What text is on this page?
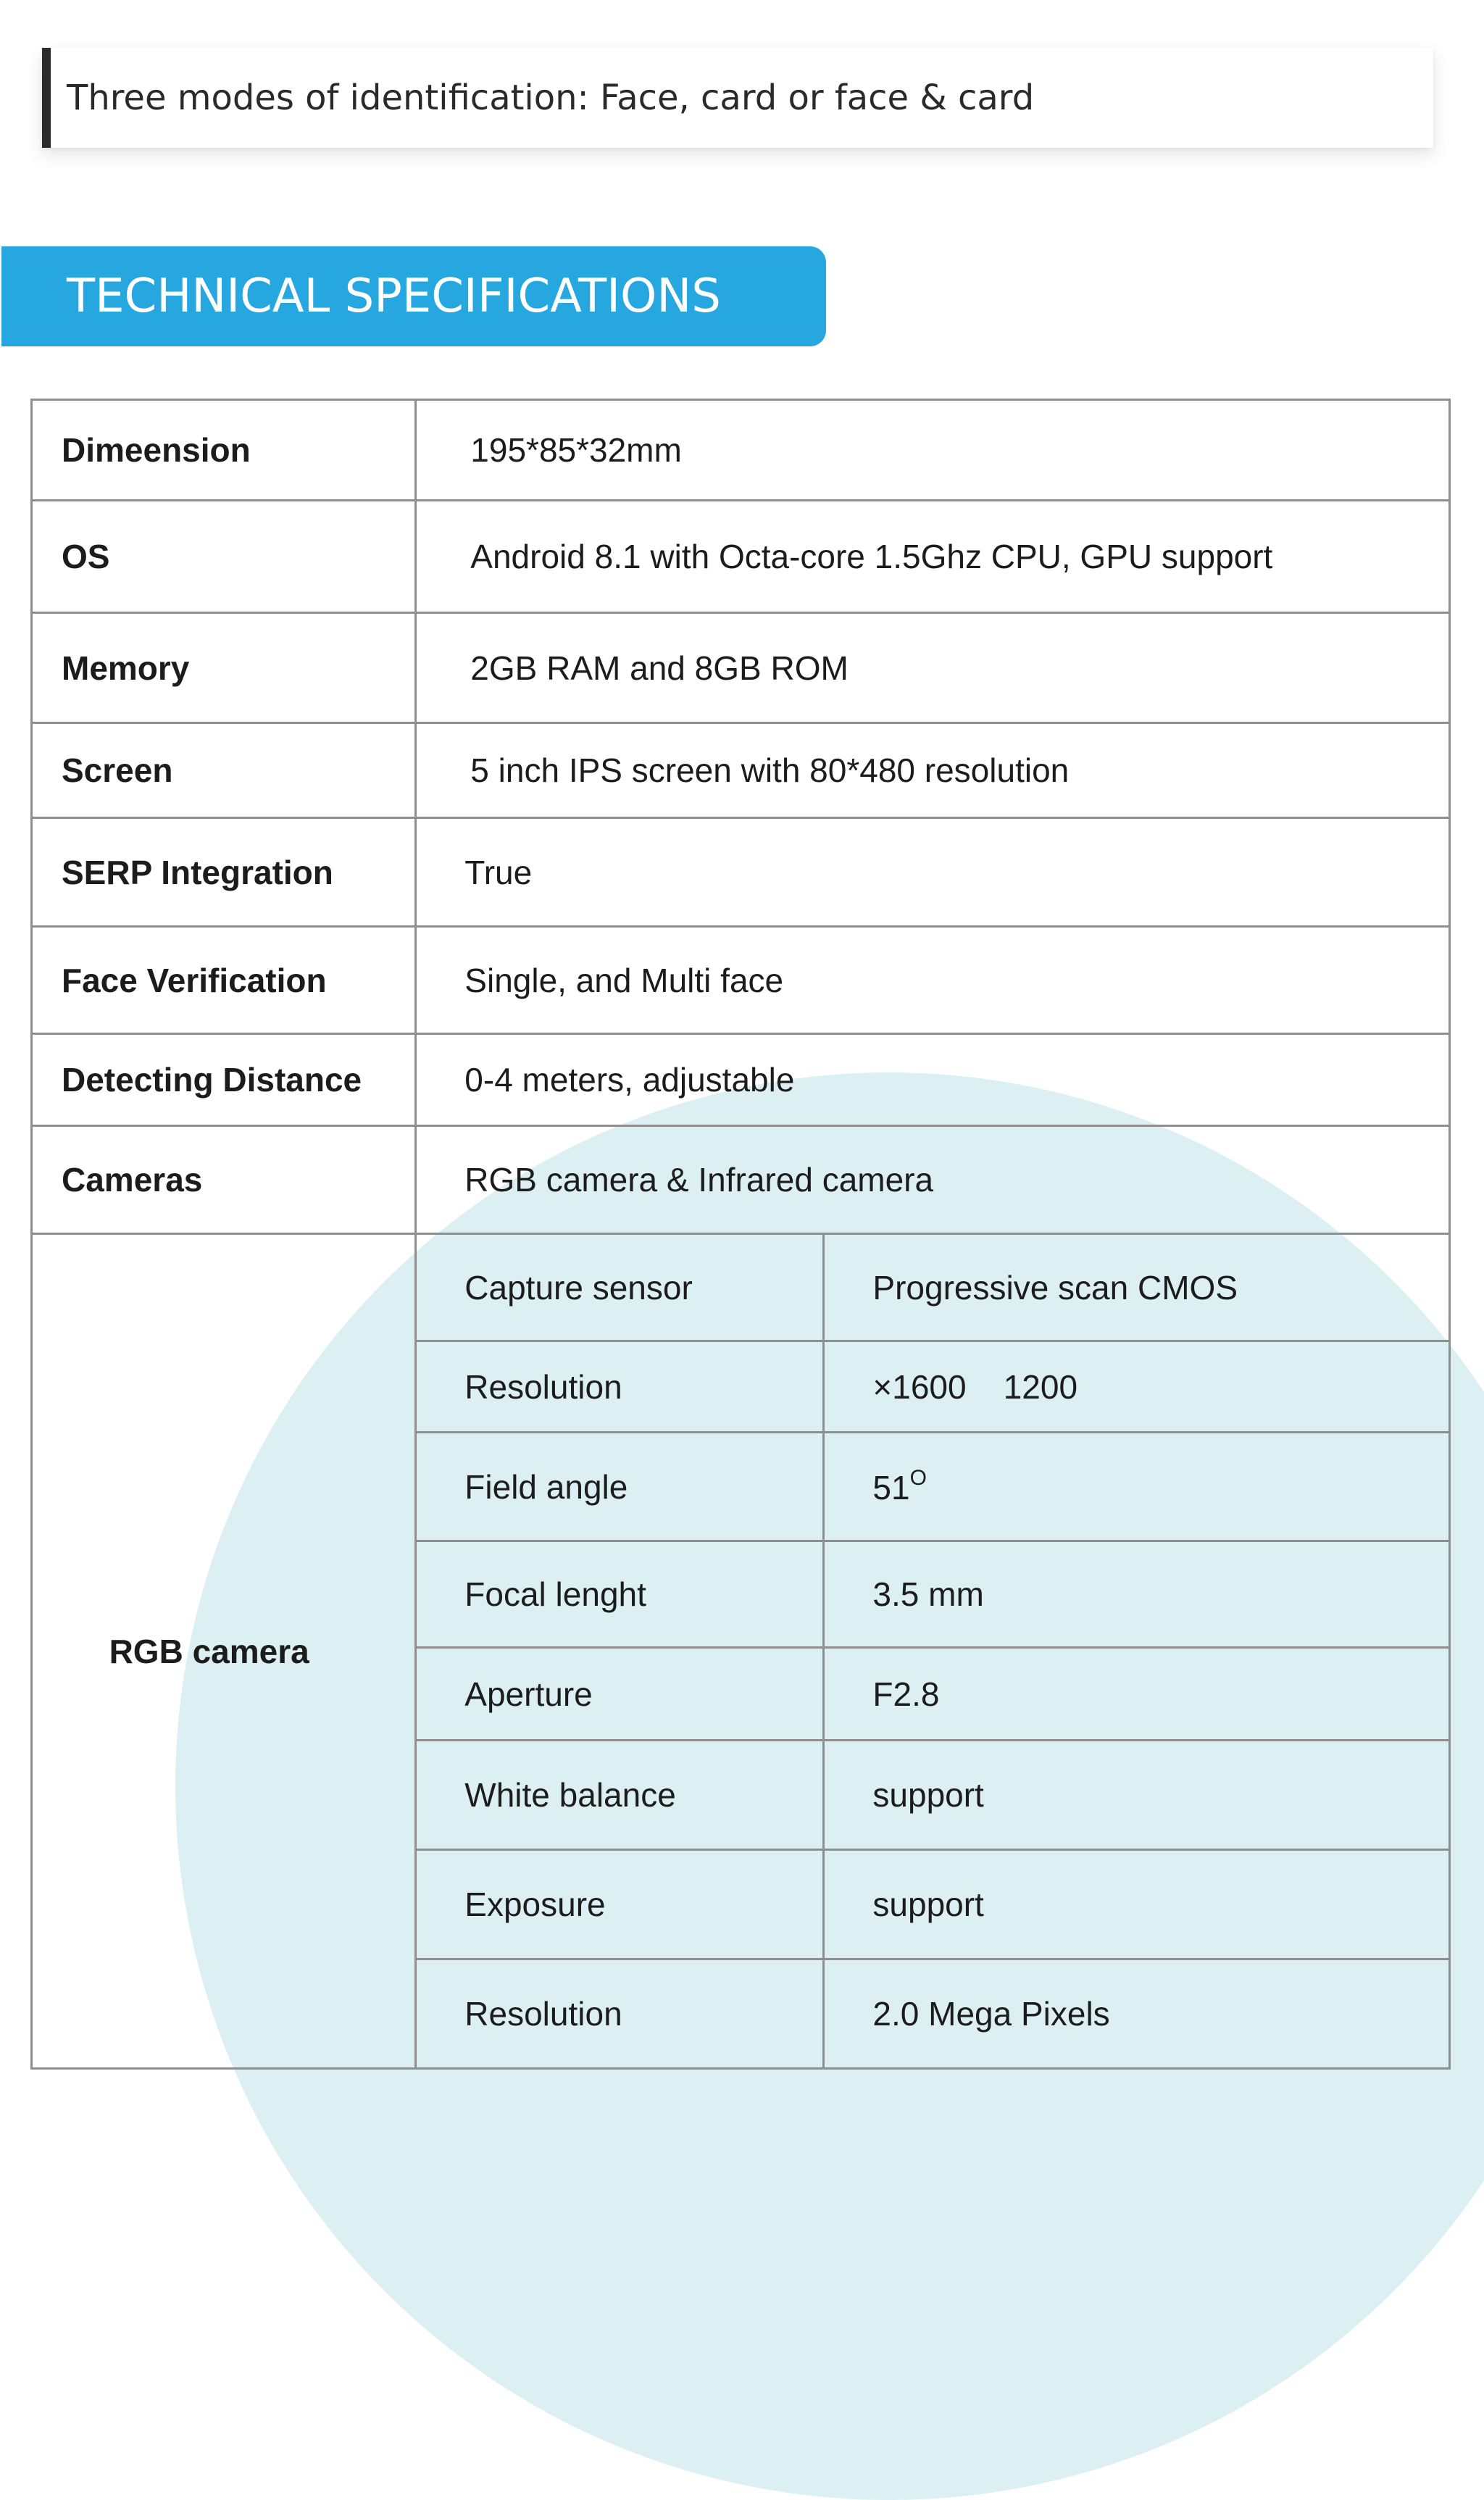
Three modes of identification: Face, card or face & card
TECHNICAL SPECIFICATIONS
Dimeension	195*85*32mm	
OS	Android 8.1 with Octa-core 1.5Ghz CPU, GPU support	
Memory	2GB RAM and 8GB ROM	
Screen	5 inch IPS screen with 80*480 resolution	
SERP Integration	True	
Face Verification	Single, and Multi face	
Detecting Distance	0-4 meters, adjustable	
Cameras	RGB camera & Infrared camera	
RGB camera	Capture sensor	Progressive scan CMOS
	Resolution	×1600    1200
	Field angle	$51^O$
	Focal lenght	3.5 mm
	Aperture	F2.8
	White balance	support
	Exposure	support
	Resolution	2.0 Mega Pixels
